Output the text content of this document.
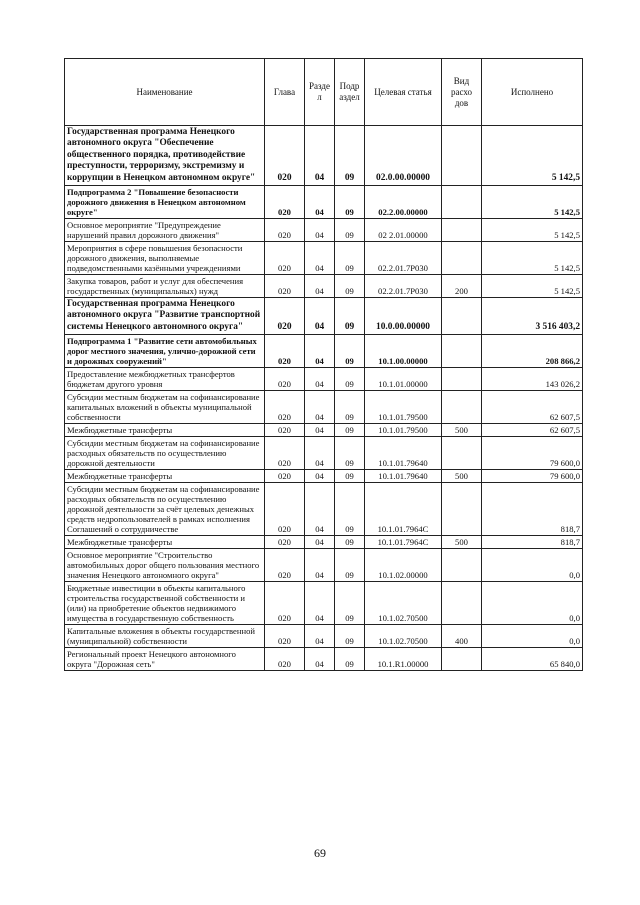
Наименование	Глава	Разде л	Подр аздел	Целевая статья	Вид расхо дов	Исполнено
Государственная программа Ненецкого автономного округа "Обеспечение общественного порядка, противодействие преступности, терроризму, экстремизму и коррупции в Ненецком автономном округе"	020	04	09	02.0.00.00000		5 142,5
Подпрограмма 2 "Повышение безопасности дорожного движения в Ненецком автономном округе"	020	04	09	02.2.00.00000		5 142,5
Основное мероприятие "Предупреждение нарушений правил дорожного движения"	020	04	09	02 2.01.00000		5 142,5
Мероприятия в сфере повышения безопасности дорожного движения, выполняемые подведомственными казёнными учреждениями	020	04	09	02.2.01.7Р030		5 142,5
Закупка товаров, работ и услуг для обеспечения государственных (муниципальных) нужд	020	04	09	02.2.01.7Р030	200	5 142,5
Государственная программа Ненецкого автономного округа "Развитие транспортной системы Ненецкого автономного округа"	020	04	09	10.0.00.00000		3 516 403,2
Подпрограмма 1 "Развитие сети автомобильных дорог местного значения, улично-дорожной сети и дорожных сооружений"	020	04	09	10.1.00.00000		208 866,2
Предоставление межбюджетных трансфертов бюджетам другого уровня	020	04	09	10.1.01.00000		143 026,2
Субсидии местным бюджетам на софинансирование капитальных вложений в объекты муниципальной собственности	020	04	09	10.1.01.79500		62 607,5
Межбюджетные трансферты	020	04	09	10.1.01.79500	500	62 607,5
Субсидии местным бюджетам на софинансирование расходных обязательств по осуществлению дорожной деятельности	020	04	09	10.1.01.79640		79 600,0
Межбюджетные трансферты	020	04	09	10.1.01.79640	500	79 600,0
Субсидии местным бюджетам на софинансирование расходных обязательств по осуществлению дорожной деятельности за счёт целевых денежных средств недропользователей в рамках исполнения Соглашений о сотрудничестве	020	04	09	10.1.01.7964С		818,7
Межбюджетные трансферты	020	04	09	10.1.01.7964С	500	818,7
Основное мероприятие "Строительство автомобильных дорог общего пользования местного значения Ненецкого автономного округа"	020	04	09	10.1.02.00000		0,0
Бюджетные инвестиции в объекты капитального строительства государственной собственности и (или) на приобретение объектов недвижимого имущества в государственную собственность	020	04	09	10.1.02.70500		0,0
Капитальные вложения в объекты государственной (муниципальной) собственности	020	04	09	10.1.02.70500	400	0,0
Региональный проект Ненецкого автономного округа "Дорожная сеть"	020	04	09	10.1.R1.00000		65 840,0
69
